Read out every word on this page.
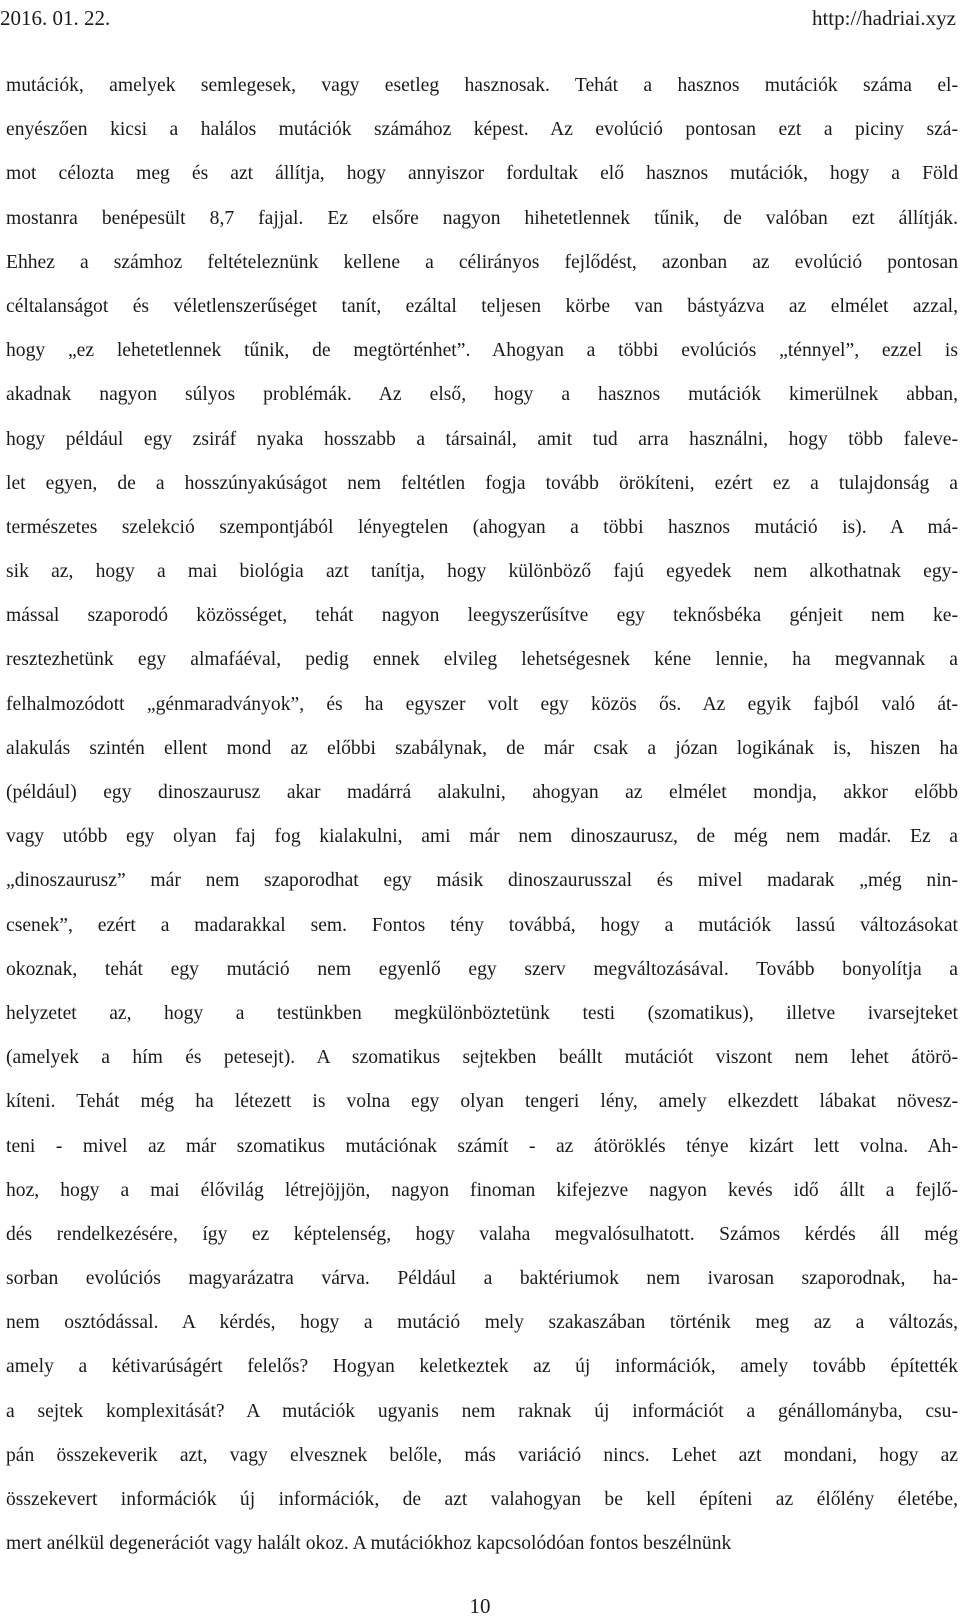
2016. 01. 22.	http://hadriai.xyz
mutációk, amelyek semlegesek, vagy esetleg hasznosak. Tehát a hasznos mutációk száma el-
enyészően kicsi a halálos mutációk számához képest. Az evolúció pontosan ezt a piciny szá-
mot célozta meg és azt állítja, hogy annyiszor fordultak elő hasznos mutációk, hogy a Föld
mostanra benépesült 8,7 fajjal. Ez elsőre nagyon hihetetlennek tűnik, de valóban ezt állítják.
Ehhez a számhoz feltételeznünk kellene a célirányos fejlődést, azonban az evolúció pontosan
céltalanságot és véletlenszerűséget tanít, ezáltal teljesen körbe van bástyázva az elmélet azzal,
hogy „ez lehetetlennek tűnik, de megtörténhet”. Ahogyan a többi evolúciós „ténnyel”, ezzel is
akadnak nagyon súlyos problémák. Az első, hogy a hasznos mutációk kimerülnek abban,
hogy például egy zsiráf nyaka hosszabb a társainál, amit tud arra használni, hogy több faleve-
let egyen, de a hosszúnyakúságot nem feltétlen fogja tovább örökíteni, ezért ez a tulajdonság a
természetes szelekció szempontjából lényegtelen (ahogyan a többi hasznos mutáció is). A má-
sik az, hogy a mai biológia azt tanítja, hogy különböző fajú egyedek nem alkothatnak egy-
mással szaporodó közösséget, tehát nagyon leegyszerűsítve egy teknősbéka génjeit nem ke-
resztezhetünk egy almafáéval, pedig ennek elvileg lehetségesnek kéne lennie, ha megvannak a
felhalmozódott „génmaradványok”, és ha egyszer volt egy közös ős. Az egyik fajból való át-
alakulás szintén ellent mond az előbbi szabálynak, de már csak a józan logikának is, hiszen ha
(például) egy dinoszaurusz akar madárrá alakulni, ahogyan az elmélet mondja, akkor előbb
vagy utóbb egy olyan faj fog kialakulni, ami már nem dinoszaurusz, de még nem madár. Ez a
„dinoszaurusz” már nem szaporodhat egy másik dinoszaurusszal és mivel madarak „még nin-
csenek”, ezért a madarakkal sem. Fontos tény továbbá, hogy a mutációk lassú változásokat
okoznak, tehát egy mutáció nem egyenlő egy szerv megváltozásával. Tovább bonyolítja a
helyzetet az, hogy a testünkben megkülönböztetünk testi (szomatikus), illetve ivarsejteket
(amelyek a hím és petesejt). A szomatikus sejtekben beállt mutációt viszont nem lehet átörö-
kíteni. Tehát még ha létezett is volna egy olyan tengeri lény, amely elkezdett lábakat növesz-
teni - mivel az már szomatikus mutációnak számít - az átöröklés ténye kizárt lett volna. Ah-
hoz, hogy a mai élővilág létrejöjjön, nagyon finoman kifejezve nagyon kevés idő állt a fejlő-
dés rendelkezésére, így ez képtelenség, hogy valaha megvalósulhatott. Számos kérdés áll még
sorban evolúciós magyarázatra várva. Például a baktériumok nem ivarosan szaporodnak, ha-
nem osztódással. A kérdés, hogy a mutáció mely szakaszában történik meg az a változás,
amely a kétivarúságért felelős? Hogyan keletkeztek az új információk, amely tovább építették
a sejtek komplexitását? A mutációk ugyanis nem raknak új információt a génállományba, csu-
pán összekeverik azt, vagy elvesznek belőle, más variáció nincs. Lehet azt mondani, hogy az
összekevert információk új információk, de azt valahogyan be kell építeni az élőlény életébe,
mert anélkül degenerációt vagy halált okoz. A mutációkhoz kapcsolódóan fontos beszélnünk
10
